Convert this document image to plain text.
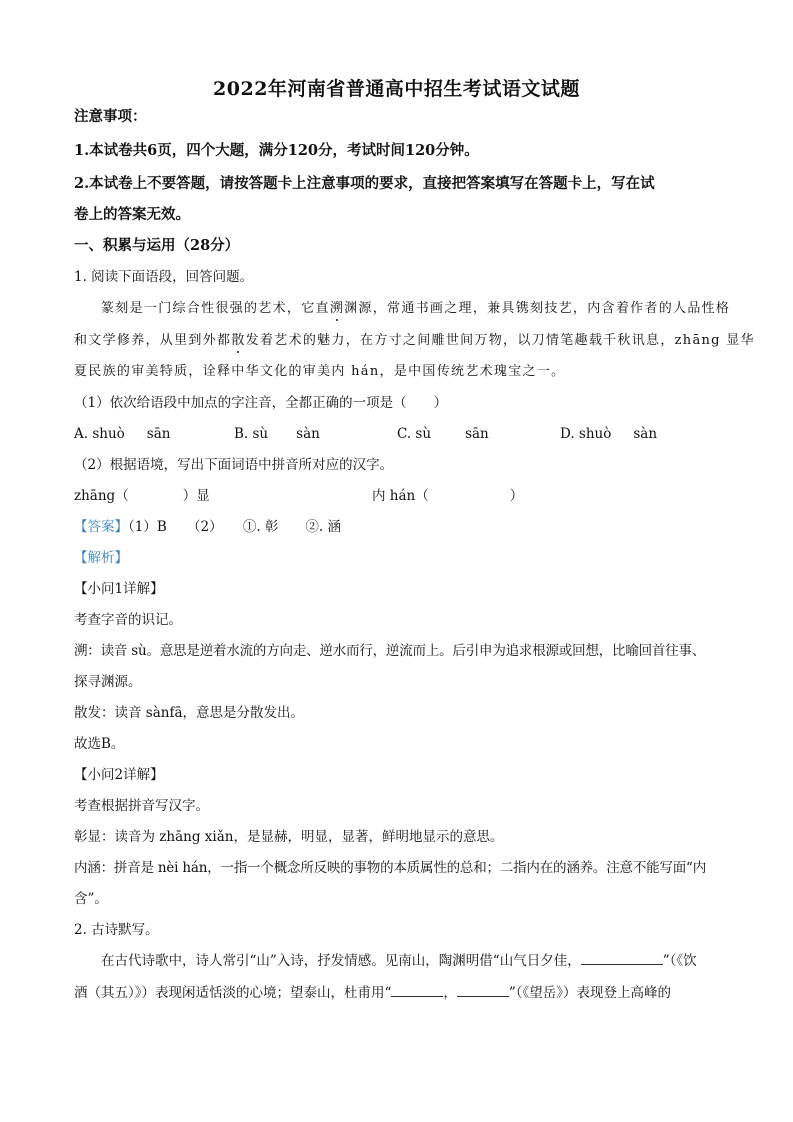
2022年河南省普通高中招生考试语文试题
注意事项：
1.本试卷共6页，四个大题，满分120分，考试时间120分钟。
2.本试卷上不要答题，请按答题卡上注意事项的要求，直接把答案填写在答题卡上，写在试
卷上的答案无效。
一、积累与运用（28分）
1. 阅读下面语段，回答问题。
篆刻是一门综合性很强的艺术，它直溯渊源，常通书画之理，兼具镌刻技艺，内含着作者的人品性格
和文学修养，从里到外都散发着艺术的魅力，在方寸之间雕世间万物，以刀情笔趣载千秋讯息，zhāng 显华
夏民族的审美特质，诠释中华文化的审美内 hán，是中国传统艺术瑰宝之一。
（1）依次给语段中加点的字注音，全都正确的一项是（　　）
A. shuò sān	B. sù sàn	C. sù	sān	D. shuò sàn
（2）根据语境，写出下面词语中拼音所对应的汉字。
zhāng（　　　　）显	内 hán（　　　　　　）
【答案】（1）B　　（2）　　①. 彰　　②. 涵
【解析】
【小问1详解】
考查字音的识记。
溯：读音 sù。意思是逆着水流的方向走、逆水而行，逆流而上。后引申为追求根源或回想，比喻回首往事、
探寻渊源。
散发：读音 sànfā，意思是分散发出。
故选B。
【小问2详解】
考查根据拼音写汉字。
彰显：读音为 zhāng xiǎn，是显赫，明显，显著，鲜明地显示的意思。
内涵：拼音是 nèi hán，一指一个概念所反映的事物的本质属性的总和；二指内在的涵养。注意不能写面“内
含”。
2. 古诗默写。
在古代诗歌中，诗人常引“山”入诗，抒发情感。见南山，陶渊明借“山气日夕佳，	”（《饮
酒（其五）》）表现闲适恬淡的心境；望泰山，杜甫用“	，	”（《望岳》）表现登上高峰的
